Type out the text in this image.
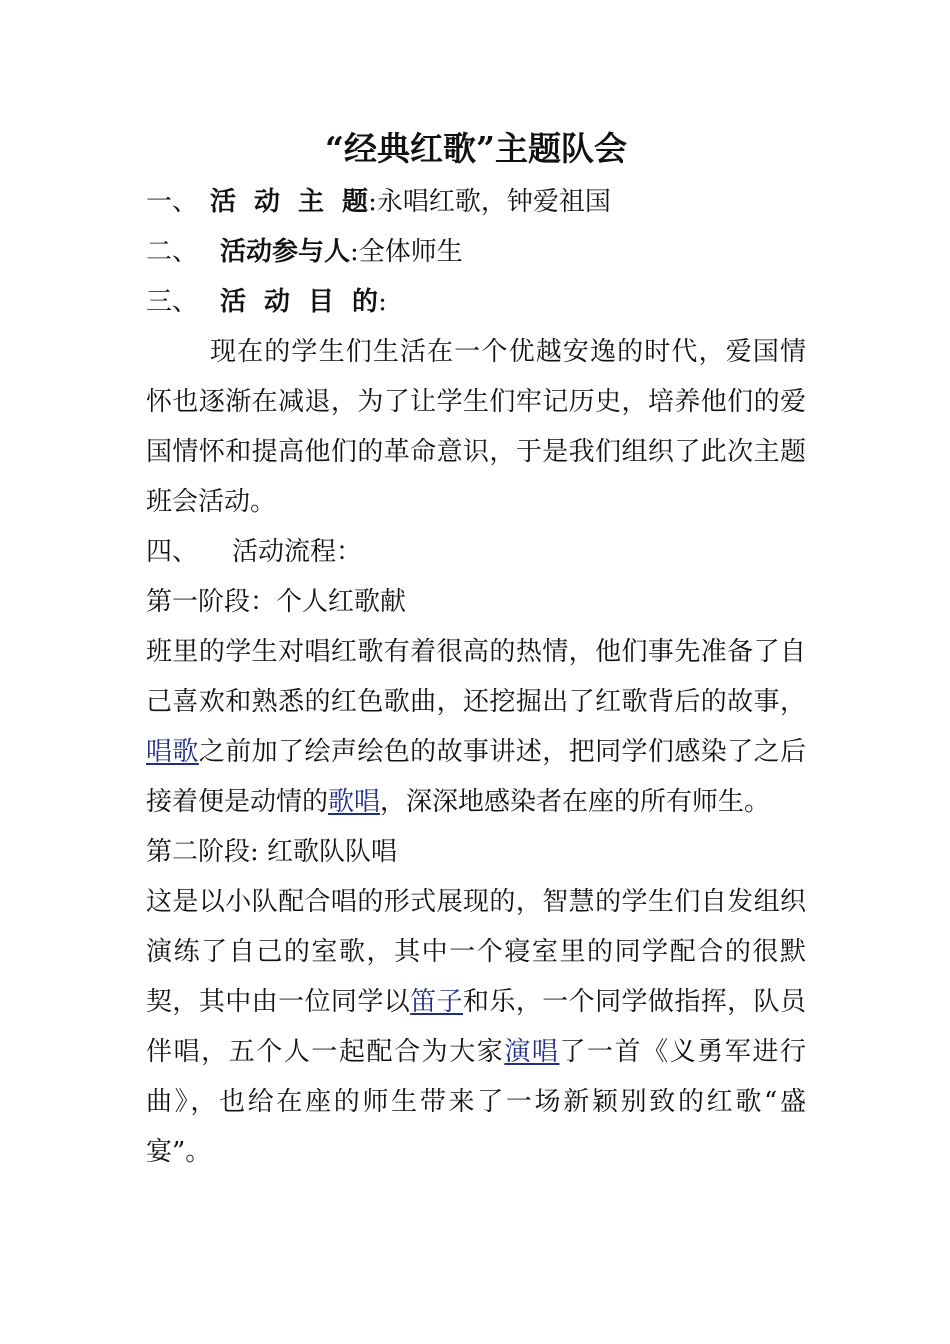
“经典红歌”主题队会
一、 活动主题:永唱红歌，钟爱祖国
二、 活动参与人:全体师生
三、 活动目的:
现在的学生们生活在一个优越安逸的时代，爱国情怀也逐渐在减退，为了让学生们牢记历史，培养他们的爱国情怀和提高他们的革命意识，于是我们组织了此次主题班会活动。
四、 活动流程：
第一阶段：个人红歌献
班里的学生对唱红歌有着很高的热情，他们事先准备了自己喜欢和熟悉的红色歌曲，还挖掘出了红歌背后的故事，唱歌之前加了绘声绘色的故事讲述，把同学们感染了之后接着便是动情的歌唱，深深地感染者在座的所有师生。
第二阶段: 红歌队队唱
这是以小队配合唱的形式展现的，智慧的学生们自发组织演练了自己的室歌，其中一个寝室里的同学配合的很默契，其中由一位同学以笛子和乐，一个同学做指挥，队员伴唱，五个人一起配合为大家演唱了一首《义勇军进行曲》，也给在座的师生带来了一场新颖别致的红歌“盛宴”。
